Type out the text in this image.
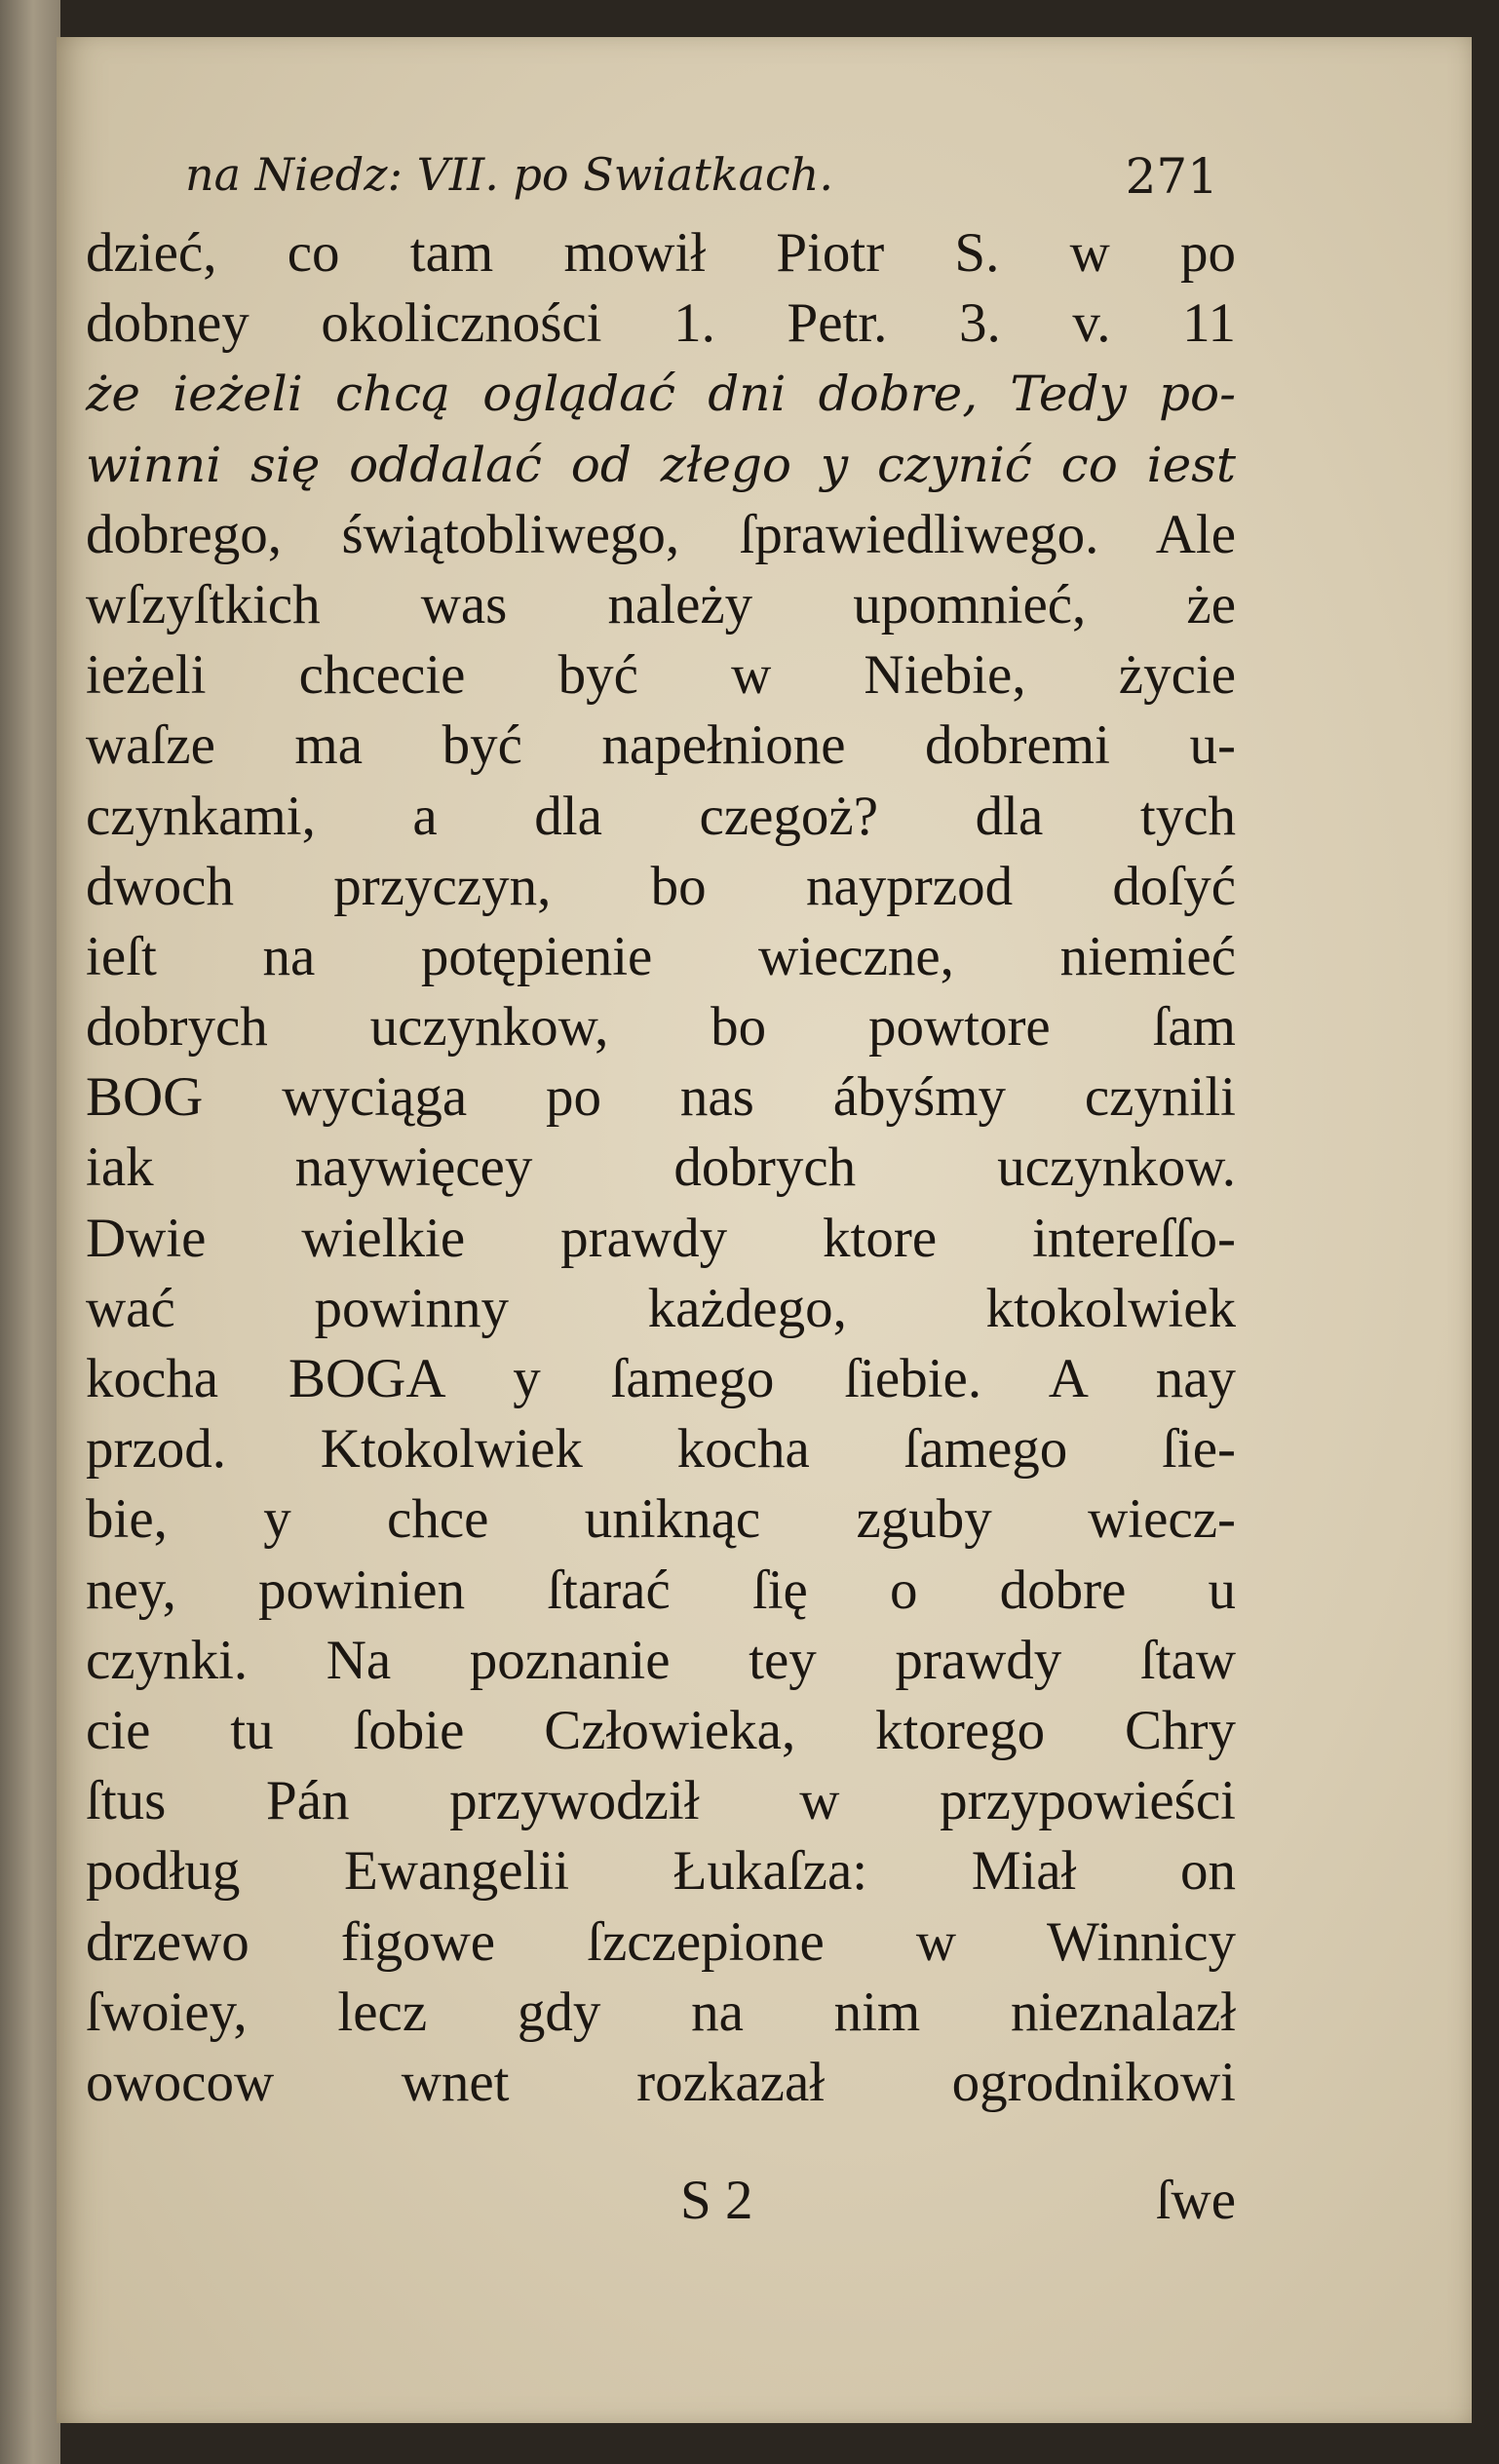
na Niedz: VII. po Swiatkach.	271
dzieć, co tam mowił Piotr S. w po
dobney okoliczności 1. Petr. 3. v. 11
że ieżeli chcą oglądać dni dobre, Tedy po-
winni się oddalać od złego y czynić co iest
dobrego, świątobliwego, ſprawiedliwego. Ale
wſzyſtkich was należy upomnieć, że
ieżeli chcecie być w Niebie, życie
waſze ma być napełnione dobremi u-
czynkami, a dla czegoż? dla tych
dwoch przyczyn, bo nayprzod doſyć
ieſt na potępienie wieczne, niemieć
dobrych uczynkow, bo powtore ſam
BOG wyciąga po nas ábyśmy czynili
iak naywięcey dobrych uczynkow.
Dwie wielkie prawdy ktore intereſſo-
wać powinny każdego, ktokolwiek
kocha BOGA y ſamego ſiebie. A nay
przod. Ktokolwiek kocha ſamego ſie-
bie, y chce uniknąc zguby wiecz-
ney, powinien ſtarać ſię o dobre u
czynki. Na poznanie tey prawdy ſtaw
cie tu ſobie Człowieka, ktorego Chry
ſtus Pán przywodził w przypowieści
podług Ewangelii Łukaſza: Miał on
drzewo figowe ſzczepione w Winnicy
ſwoiey, lecz gdy na nim nieznalazł
owocow wnet rozkazał ogrodnikowi
S 2	ſwe
